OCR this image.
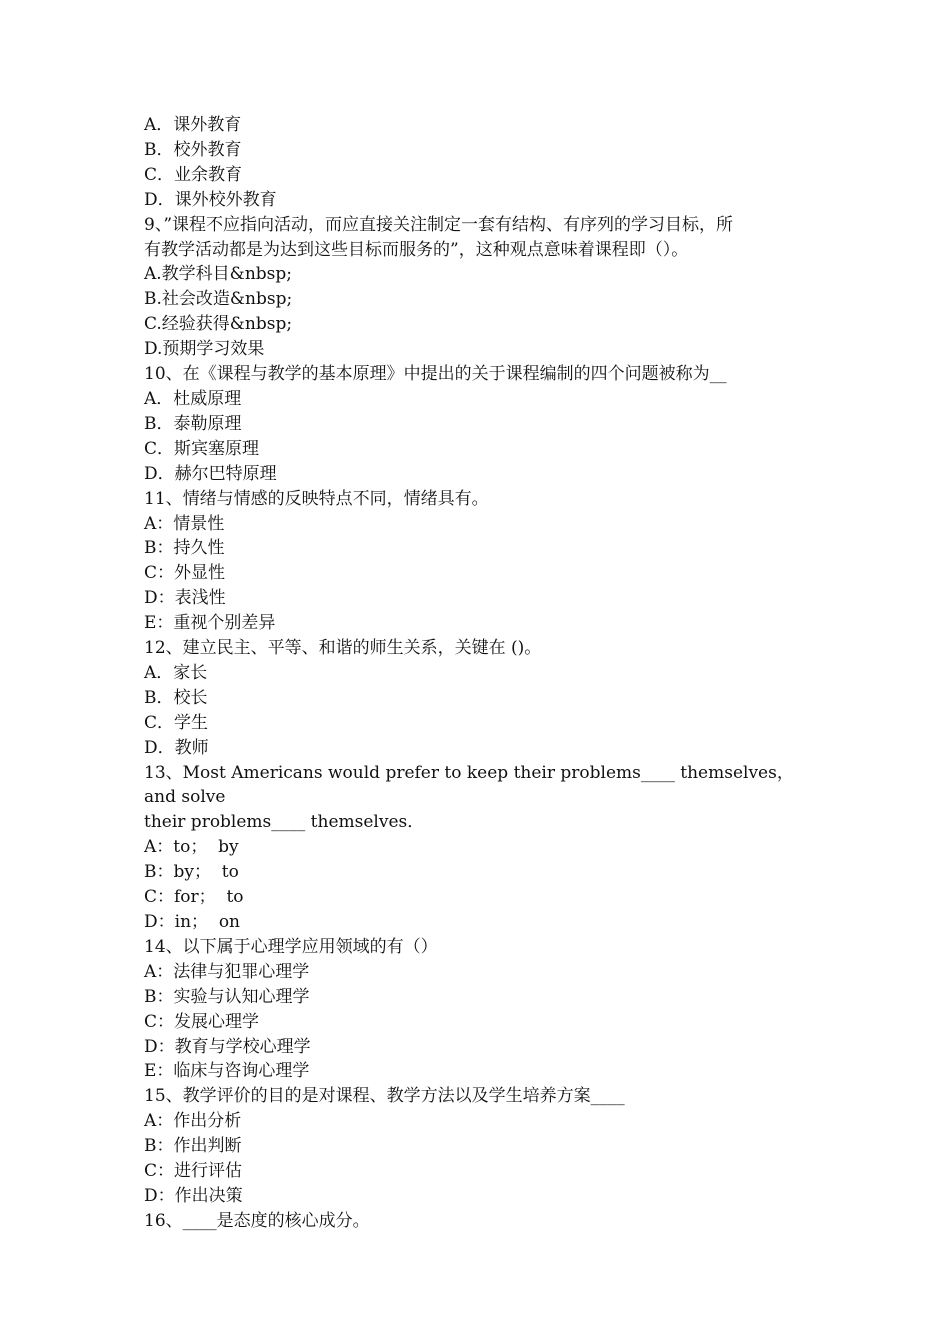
A．课外教育

B．校外教育

C．业余教育

D．课外校外教育

9、”课程不应指向活动，而应直接关注制定一套有结构、有序列的学习目标，所

有教学活动都是为达到这些目标而服务的”，这种观点意味着课程即（）。

A.教学科目&nbsp;

B.社会改造&nbsp;

C.经验获得&nbsp;

D.预期学习效果

10、在《课程与教学的基本原理》中提出的关于课程编制的四个问题被称为__

A．杜威原理

B．泰勒原理

C．斯宾塞原理

D．赫尔巴特原理

11、情绪与情感的反映特点不同，情绪具有。

A：情景性

B：持久性

C：外显性

D：表浅性

E：重视个别差异

12、建立民主、平等、和谐的师生关系，关键在 ()。

A．家长

B．校长

C．学生

D．教师

13、Most Americans would prefer to keep their problems____ themselves，and solve

their problems____ themselves．

A：to；  by

B：by；  to

C：for；  to

D：in；  on

14、以下属于心理学应用领域的有（）

A：法律与犯罪心理学

B：实验与认知心理学

C：发展心理学

D：教育与学校心理学

E：临床与咨询心理学

15、教学评价的目的是对课程、教学方法以及学生培养方案____

A：作出分析

B：作出判断

C：进行评估

D：作出决策

16、____是态度的核心成分。
